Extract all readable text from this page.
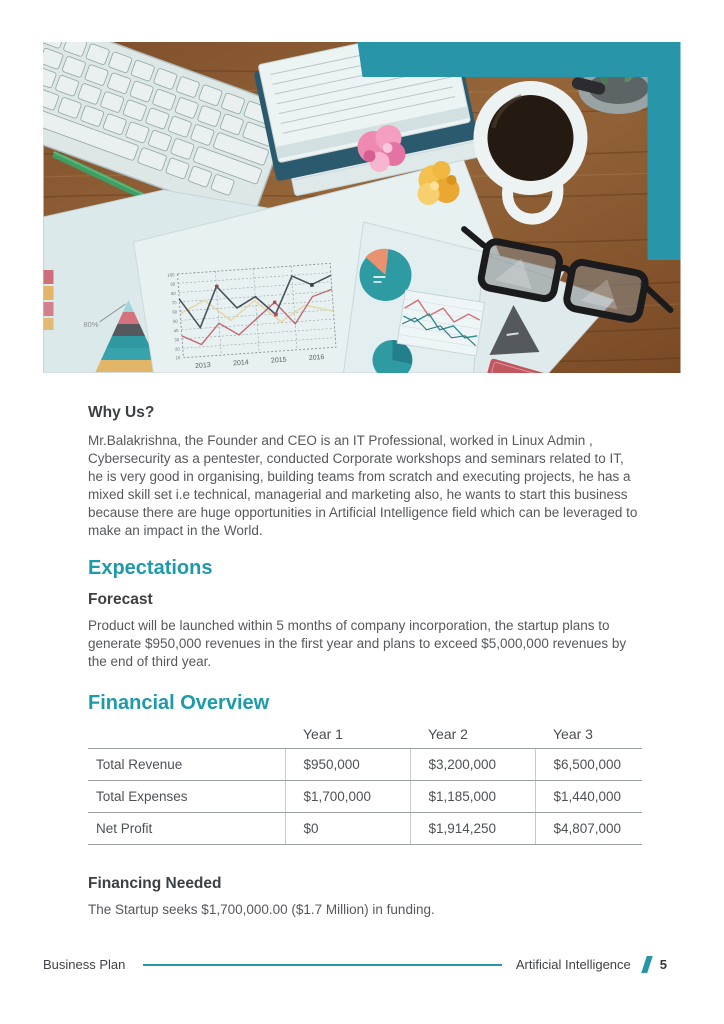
80%
100
90
80
70
60
50
40
30
20
10
2013	2014	2015	2016
Why Us?

Mr.Balakrishna, the Founder and CEO is an IT Professional, worked in Linux Admin , Cybersecurity as a pentester, conducted Corporate workshops and seminars related to IT, he is very good in organising, building teams from scratch and executing projects, he has a mixed skill set i.e technical, managerial and marketing also, he wants to start this business because there are huge opportunities in Artificial Intelligence field which can be leveraged to make an impact in the World.

Expectations
Forecast

Product will be launched within 5 months of company incorporation, the startup plans to generate $950,000 revenues in the first year and plans to exceed $5,000,000 revenues by the end of third year.

Financial Overview
	Year 1	Year 2	Year 3
Total Revenue	$950,000	$3,200,000	$6,500,000
Total Expenses	$1,700,000	$1,185,000	$1,440,000
Net Profit	$0	$1,914,250	$4,807,000
Financing Needed

The Startup seeks $1,700,000.00 ($1.7 Million) in funding.

Business Plan	Artificial Intelligence 5
